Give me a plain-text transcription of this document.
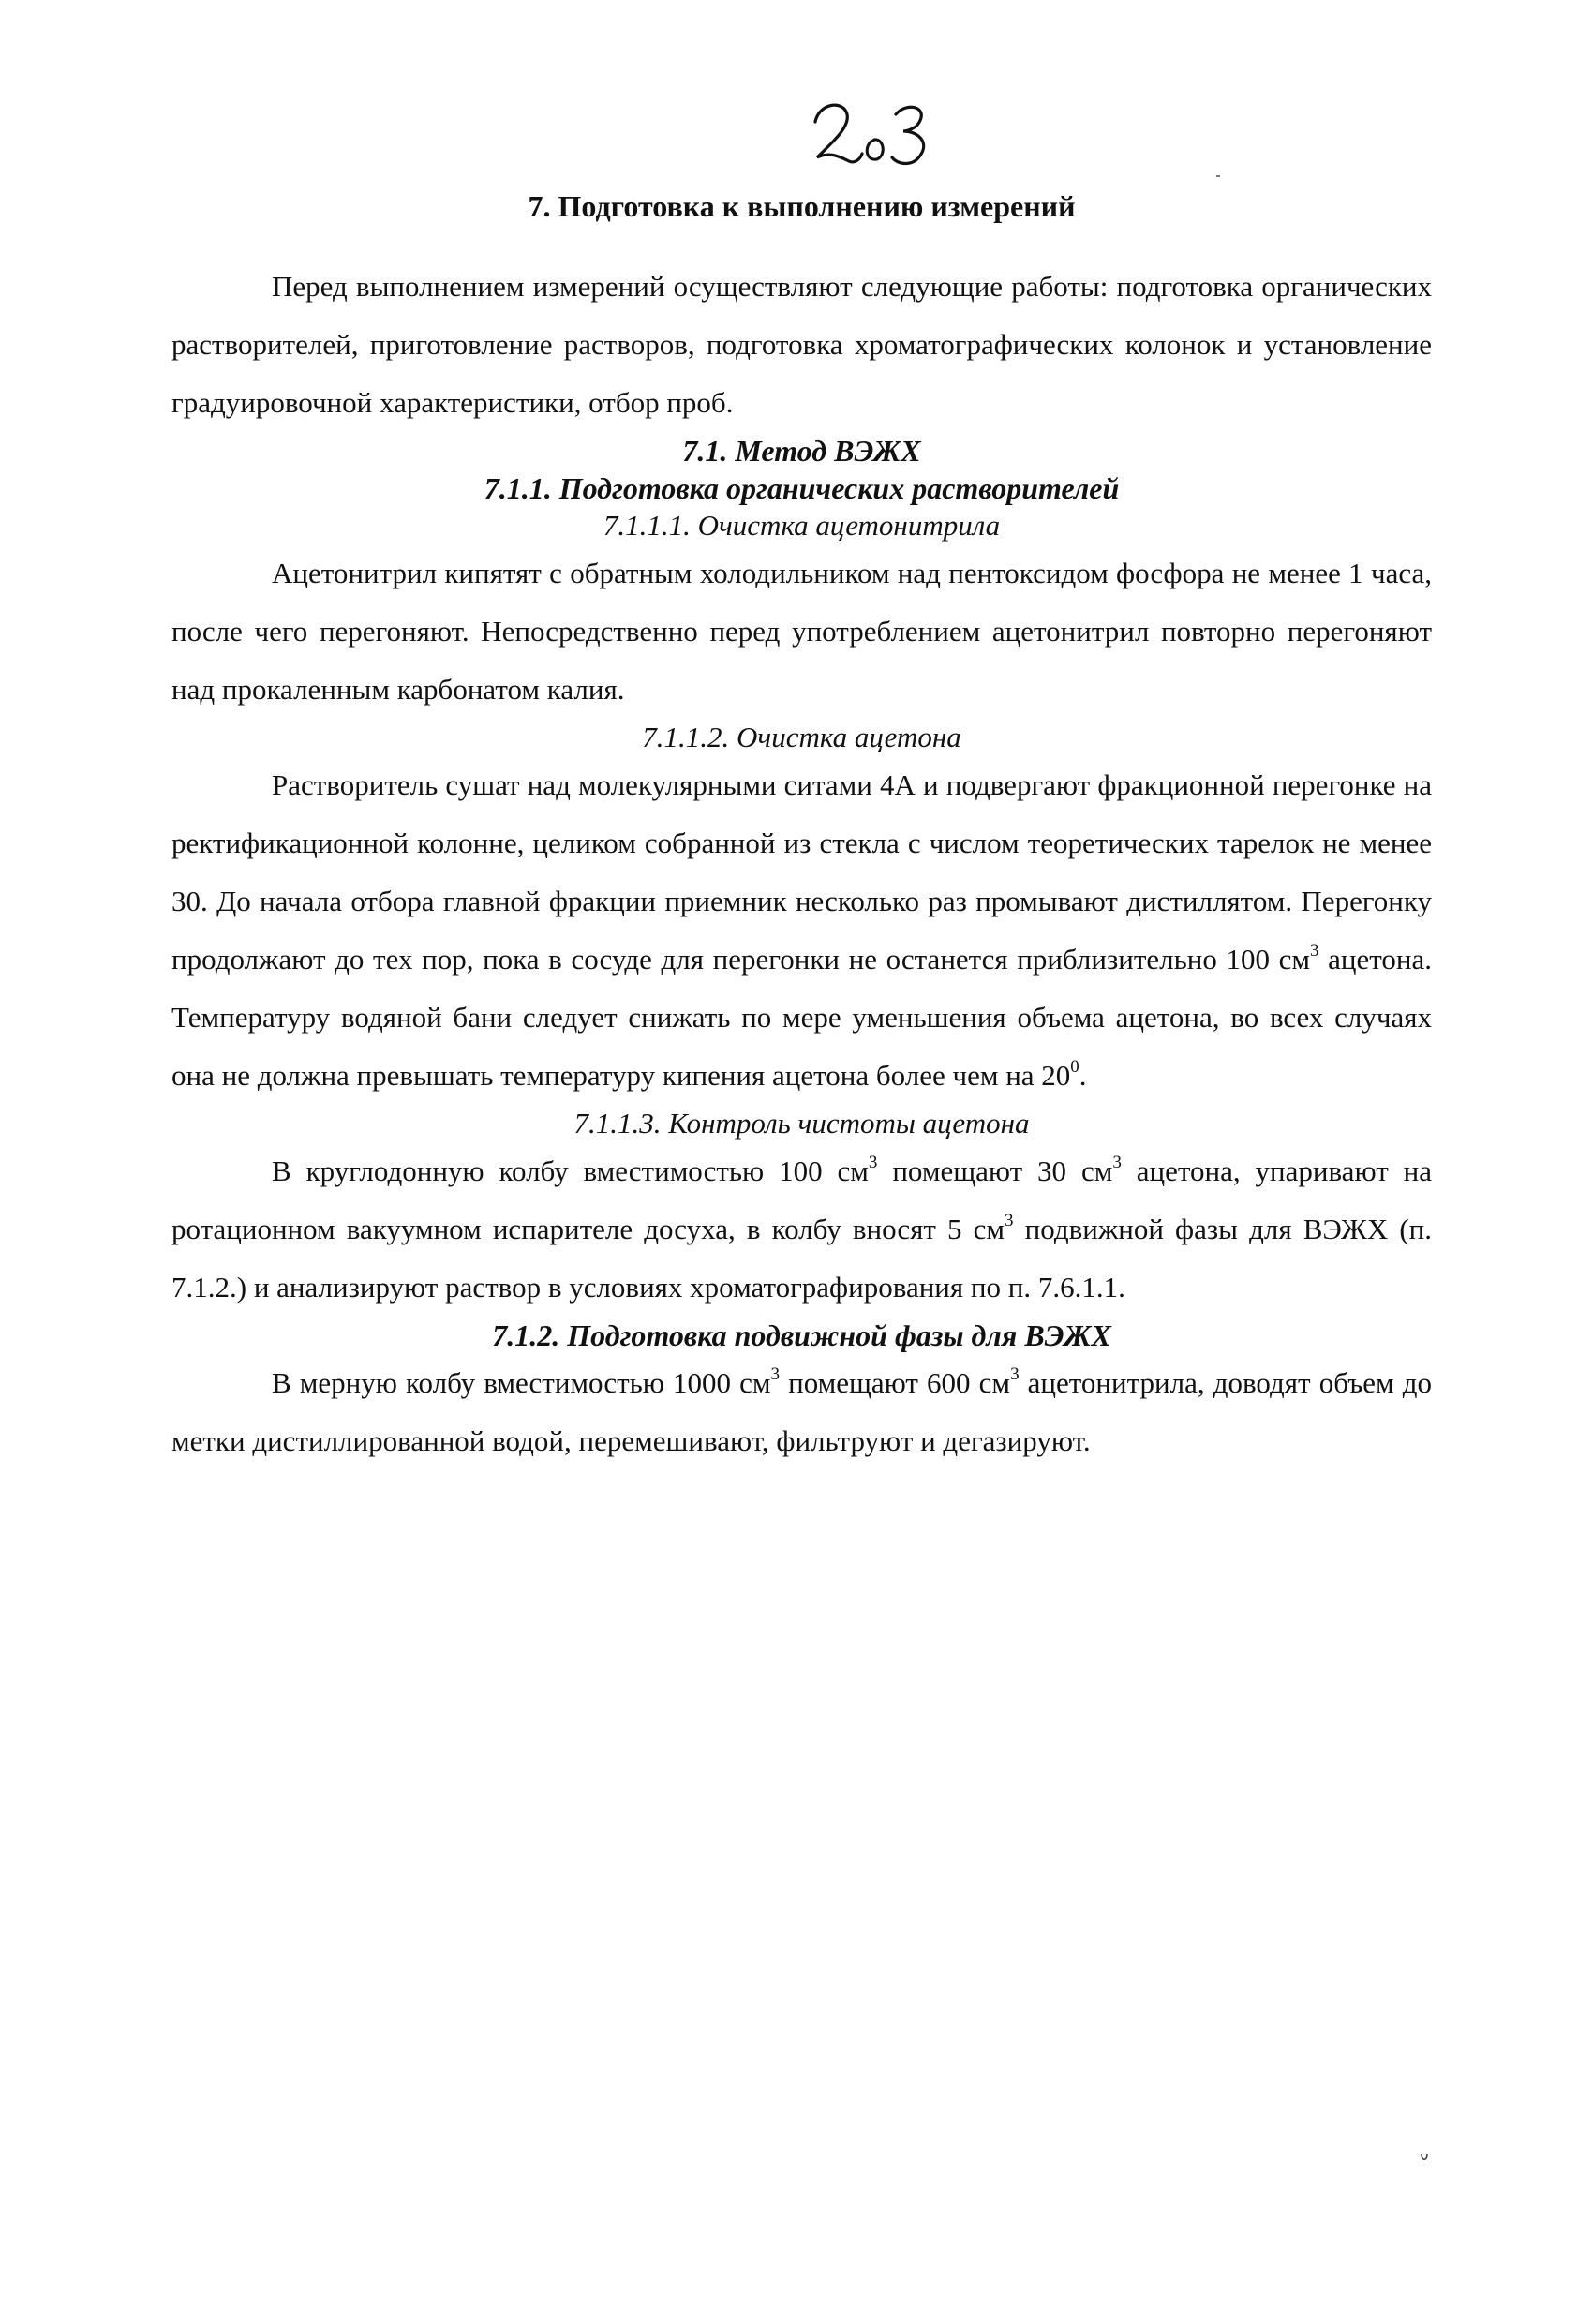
7. Подготовка к выполнению измерений

Перед выполнением измерений осуществляют следующие работы: подготовка органических растворителей, приготовление растворов, подготовка хроматографических колонок и установление градуировочной характеристики, отбор проб.

7.1. Метод ВЭЖХ
7.1.1. Подготовка органических растворителей
7.1.1.1. Очистка ацетонитрила

Ацетонитрил кипятят с обратным холодильником над пентоксидом фосфора не менее 1 часа, после чего перегоняют. Непосредственно перед употреблением ацетонитрил повторно перегоняют над прокаленным карбонатом калия.

7.1.1.2. Очистка ацетона

Растворитель сушат над молекулярными ситами 4А и подвергают фракционной перегонке на ректификационной колонне, целиком собранной из стекла с числом теоретических тарелок не менее 30. До начала отбора главной фракции приемник несколько раз промывают дистиллятом. Перегонку продолжают до тех пор, пока в сосуде для перегонки не останется приблизительно 100 $см^3$ ацетона. Температуру водяной бани следует снижать по мере уменьшения объема ацетона, во всех случаях она не должна превышать температуру кипения ацетона более чем на $20^0$.

7.1.1.3. Контроль чистоты ацетона

В круглодонную колбу вместимостью 100 $см^3$ помещают 30 $см^3$ ацетона, упаривают на ротационном вакуумном испарителе досуха, в колбу вносят 5 $см^3$ подвижной фазы для ВЭЖХ (п. 7.1.2.) и анализируют раствор в условиях хроматографирования по п. 7.6.1.1.

7.1.2. Подготовка подвижной фазы для ВЭЖХ

В мерную колбу вместимостью 1000 $см^3$ помещают 600 $см^3$ ацетонитрила, доводят объем до метки дистиллированной водой, перемешивают, фильтруют и дегазируют.
